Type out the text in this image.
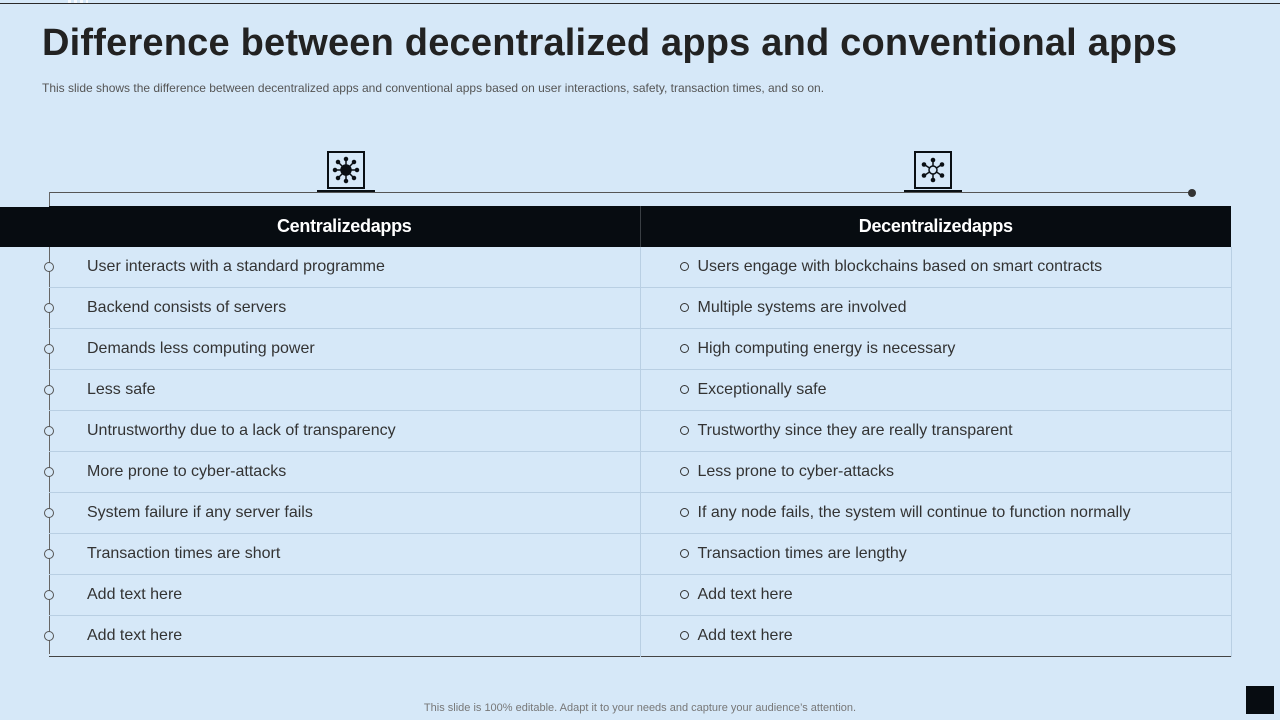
Difference between decentralized apps and conventional apps

This slide shows the difference between decentralized apps and conventional apps based on user interactions, safety, transaction times, and so on.

Centralizedapps	Decentralizedapps

User interacts with a standard programme	Users engage with blockchains based on smart contracts

Backend consists of servers	Multiple systems are involved

Demands less computing power	High computing energy is necessary

Less safe	Exceptionally safe

Untrustworthy due to a lack of transparency	Trustworthy since they are really transparent

More prone to cyber-attacks	Less prone to cyber-attacks

System failure if any server fails	If any node fails, the system will continue to function normally

Transaction times are short	Transaction times are lengthy

Add text here	Add text here

Add text here	Add text here

This slide is 100% editable. Adapt it to your needs and capture your audience’s attention.
